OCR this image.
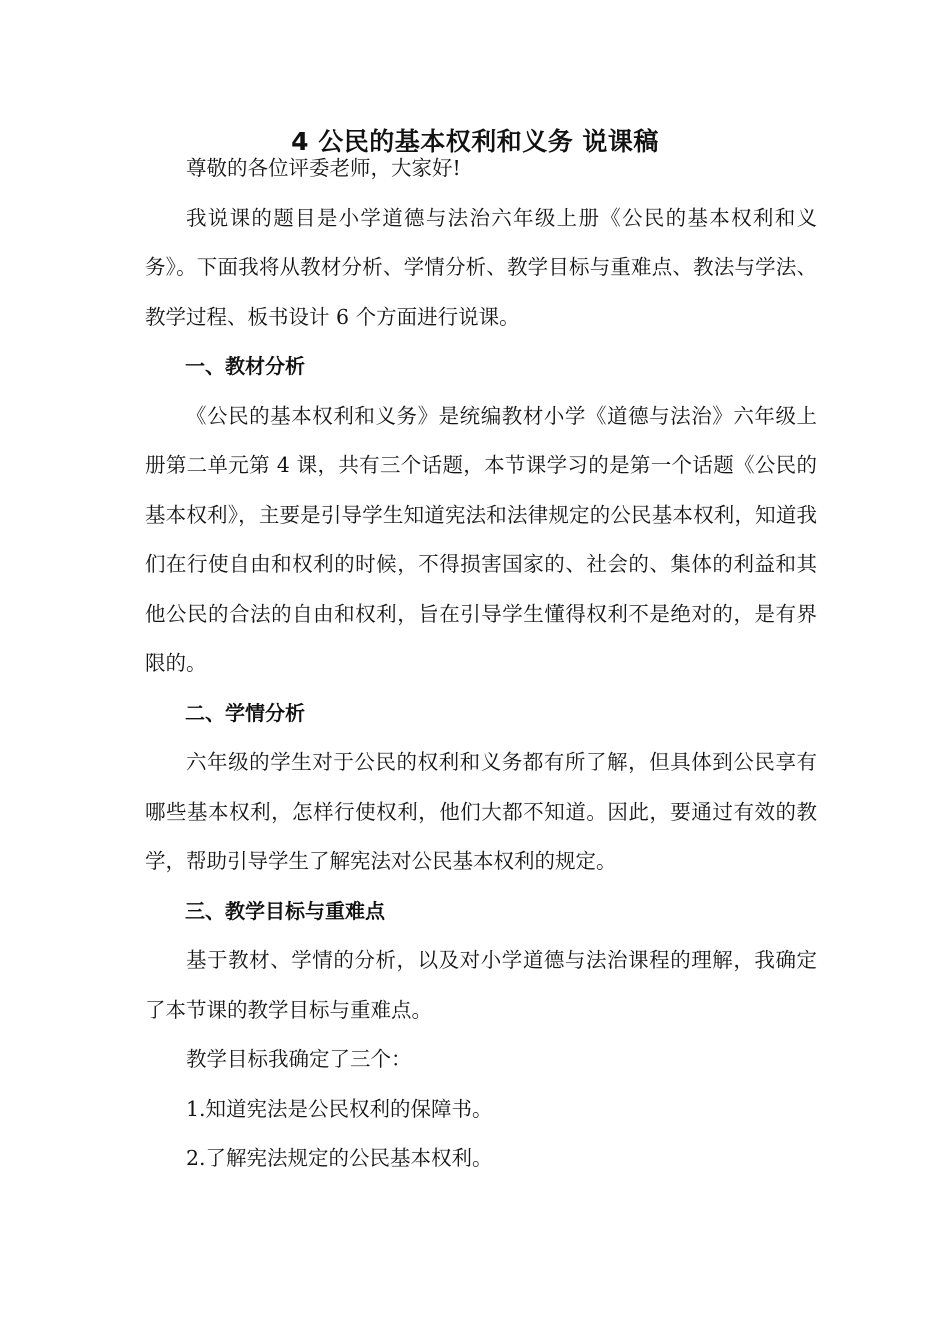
4 公民的基本权利和义务 说课稿

尊敬的各位评委老师，大家好!

我说课的题目是小学道德与法治六年级上册《公民的基本权利和义务》。下面我将从教材分析、学情分析、教学目标与重难点、教法与学法、教学过程、板书设计 6 个方面进行说课。

一、教材分析

《公民的基本权利和义务》是统编教材小学《道德与法治》六年级上册第二单元第 4 课，共有三个话题，本节课学习的是第一个话题《公民的基本权利》，主要是引导学生知道宪法和法律规定的公民基本权利，知道我们在行使自由和权利的时候，不得损害国家的、社会的、集体的利益和其他公民的合法的自由和权利，旨在引导学生懂得权利不是绝对的，是有界限的。

二、学情分析

六年级的学生对于公民的权利和义务都有所了解，但具体到公民享有哪些基本权利，怎样行使权利，他们大都不知道。因此，要通过有效的教学，帮助引导学生了解宪法对公民基本权利的规定。

三、教学目标与重难点

基于教材、学情的分析，以及对小学道德与法治课程的理解，我确定了本节课的教学目标与重难点。

教学目标我确定了三个：

1.知道宪法是公民权利的保障书。

2.了解宪法规定的公民基本权利。
